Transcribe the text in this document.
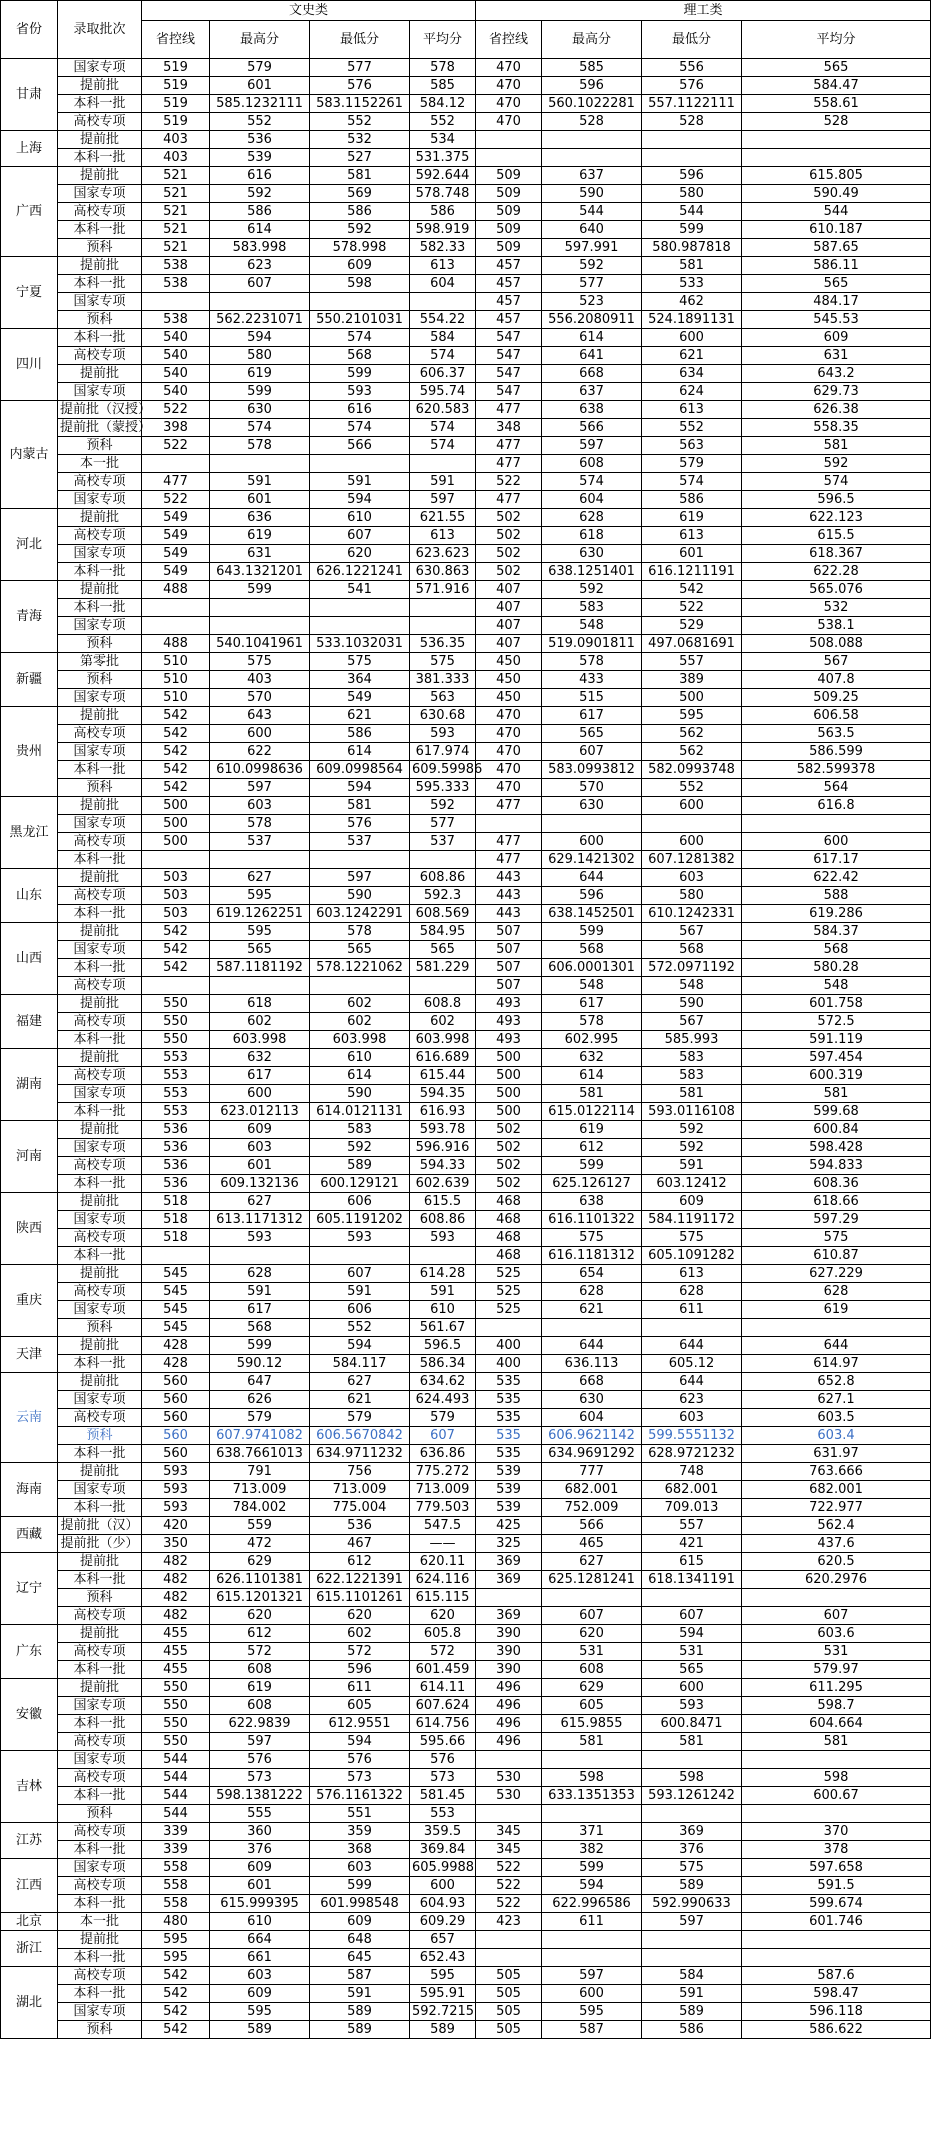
省份	录取批次	文史类				理工类			
		省控线	最高分	最低分	平均分	省控线	最高分	最低分	平均分
甘肃	国家专项	519	579	577	578	470	585	556	565
	提前批	519	601	576	585	470	596	576	584.47
	本科一批	519	585.1232111	583.1152261	584.12	470	560.1022281	557.1122111	558.61
	高校专项	519	552	552	552	470	528	528	528
上海	提前批	403	536	532	534				
	本科一批	403	539	527	531.375				
广西	提前批	521	616	581	592.644	509	637	596	615.805
	国家专项	521	592	569	578.748	509	590	580	590.49
	高校专项	521	586	586	586	509	544	544	544
	本科一批	521	614	592	598.919	509	640	599	610.187
	预科	521	583.998	578.998	582.33	509	597.991	580.987818	587.65
宁夏	提前批	538	623	609	613	457	592	581	586.11
	本科一批	538	607	598	604	457	577	533	565
	国家专项					457	523	462	484.17
	预科	538	562.2231071	550.2101031	554.22	457	556.2080911	524.1891131	545.53
四川	本科一批	540	594	574	584	547	614	600	609
	高校专项	540	580	568	574	547	641	621	631
	提前批	540	619	599	606.37	547	668	634	643.2
	国家专项	540	599	593	595.74	547	637	624	629.73
内蒙古	提前批（汉授）	522	630	616	620.583	477	638	613	626.38
	提前批（蒙授）	398	574	574	574	348	566	552	558.35
	预科	522	578	566	574	477	597	563	581
	本一批					477	608	579	592
	高校专项	477	591	591	591	522	574	574	574
	国家专项	522	601	594	597	477	604	586	596.5
河北	提前批	549	636	610	621.55	502	628	619	622.123
	高校专项	549	619	607	613	502	618	613	615.5
	国家专项	549	631	620	623.623	502	630	601	618.367
	本科一批	549	643.1321201	626.1221241	630.863	502	638.1251401	616.1211191	622.28
青海	提前批	488	599	541	571.916	407	592	542	565.076
	本科一批					407	583	522	532
	国家专项					407	548	529	538.1
	预科	488	540.1041961	533.1032031	536.35	407	519.0901811	497.0681691	508.088
新疆	第零批	510	575	575	575	450	578	557	567
	预科	510	403	364	381.333	450	433	389	407.8
	国家专项	510	570	549	563	450	515	500	509.25
贵州	提前批	542	643	621	630.68	470	617	595	606.58
	高校专项	542	600	586	593	470	565	562	563.5
	国家专项	542	622	614	617.974	470	607	562	586.599
	本科一批	542	610.0998636	609.0998564	609.59986	470	583.0993812	582.0993748	582.599378
	预科	542	597	594	595.333	470	570	552	564
黑龙江	提前批	500	603	581	592	477	630	600	616.8
	国家专项	500	578	576	577				
	高校专项	500	537	537	537	477	600	600	600
	本科一批					477	629.1421302	607.1281382	617.17
山东	提前批	503	627	597	608.86	443	644	603	622.42
	高校专项	503	595	590	592.3	443	596	580	588
	本科一批	503	619.1262251	603.1242291	608.569	443	638.1452501	610.1242331	619.286
山西	提前批	542	595	578	584.95	507	599	567	584.37
	国家专项	542	565	565	565	507	568	568	568
	本科一批	542	587.1181192	578.1221062	581.229	507	606.0001301	572.0971192	580.28
	高校专项					507	548	548	548
福建	提前批	550	618	602	608.8	493	617	590	601.758
	高校专项	550	602	602	602	493	578	567	572.5
	本科一批	550	603.998	603.998	603.998	493	602.995	585.993	591.119
湖南	提前批	553	632	610	616.689	500	632	583	597.454
	高校专项	553	617	614	615.44	500	614	583	600.319
	国家专项	553	600	590	594.35	500	581	581	581
	本科一批	553	623.012113	614.0121131	616.93	500	615.0122114	593.0116108	599.68
河南	提前批	536	609	583	593.78	502	619	592	600.84
	国家专项	536	603	592	596.916	502	612	592	598.428
	高校专项	536	601	589	594.33	502	599	591	594.833
	本科一批	536	609.132136	600.129121	602.639	502	625.126127	603.12412	608.36
陕西	提前批	518	627	606	615.5	468	638	609	618.66
	国家专项	518	613.1171312	605.1191202	608.86	468	616.1101322	584.1191172	597.29
	高校专项	518	593	593	593	468	575	575	575
	本科一批					468	616.1181312	605.1091282	610.87
重庆	提前批	545	628	607	614.28	525	654	613	627.229
	高校专项	545	591	591	591	525	628	628	628
	国家专项	545	617	606	610	525	621	611	619
	预科	545	568	552	561.67				
天津	提前批	428	599	594	596.5	400	644	644	644
	本科一批	428	590.12	584.117	586.34	400	636.113	605.12	614.97
云南	提前批	560	647	627	634.62	535	668	644	652.8
	国家专项	560	626	621	624.493	535	630	623	627.1
	高校专项	560	579	579	579	535	604	603	603.5
	预科	560	607.9741082	606.5670842	607	535	606.9621142	599.5551132	603.4
	本科一批	560	638.7661013	634.9711232	636.86	535	634.9691292	628.9721232	631.97
海南	提前批	593	791	756	775.272	539	777	748	763.666
	国家专项	593	713.009	713.009	713.009	539	682.001	682.001	682.001
	本科一批	593	784.002	775.004	779.503	539	752.009	709.013	722.977
西藏	提前批（汉）	420	559	536	547.5	425	566	557	562.4
	提前批（少）	350	472	467	——	325	465	421	437.6
辽宁	提前批	482	629	612	620.11	369	627	615	620.5
	本科一批	482	626.1101381	622.1221391	624.116	369	625.1281241	618.1341191	620.2976
	预科	482	615.1201321	615.1101261	615.115				
	高校专项	482	620	620	620	369	607	607	607
广东	提前批	455	612	602	605.8	390	620	594	603.6
	高校专项	455	572	572	572	390	531	531	531
	本科一批	455	608	596	601.459	390	608	565	579.97
安徽	提前批	550	619	611	614.11	496	629	600	611.295
	国家专项	550	608	605	607.624	496	605	593	598.7
	本科一批	550	622.9839	612.9551	614.756	496	615.9855	600.8471	604.664
	高校专项	550	597	594	595.66	496	581	581	581
吉林	国家专项	544	576	576	576				
	高校专项	544	573	573	573	530	598	598	598
	本科一批	544	598.1381222	576.1161322	581.45	530	633.1351353	593.1261242	600.67
	预科	544	555	551	553				
江苏	高校专项	339	360	359	359.5	345	371	369	370
	本科一批	339	376	368	369.84	345	382	376	378
江西	国家专项	558	609	603	605.9988	522	599	575	597.658
	高校专项	558	601	599	600	522	594	589	591.5
	本科一批	558	615.999395	601.998548	604.93	522	622.996586	592.990633	599.674
北京	本一批	480	610	609	609.29	423	611	597	601.746
浙江	提前批	595	664	648	657				
	本科一批	595	661	645	652.43				
湖北	高校专项	542	603	587	595	505	597	584	587.6
	本科一批	542	609	591	595.91	505	600	591	598.47
	国家专项	542	595	589	592.7215	505	595	589	596.118
	预科	542	589	589	589	505	587	586	586.622
